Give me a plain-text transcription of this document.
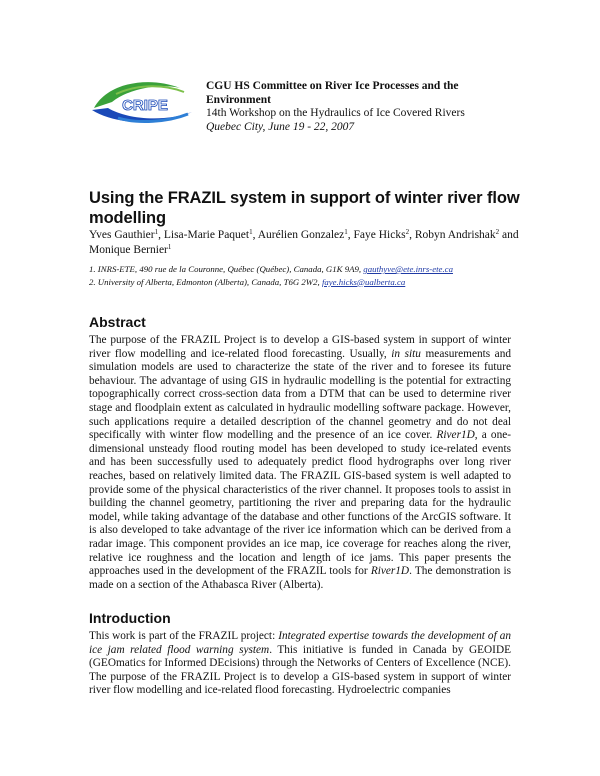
CRIPE
CGU HS Committee on River Ice Processes and the Environment
14th Workshop on the Hydraulics of Ice Covered Rivers
Quebec City, June 19 - 22, 2007
Using the FRAZIL system in support of winter river flow modelling
Yves Gauthier$^1$, Lisa-Marie Paquet$^1$, Aurélien Gonzalez$^1$, Faye Hicks$^2$, Robyn Andrishak$^2$ and Monique Bernier$^1$
1. INRS-ETE, 490 rue de la Couronne, Québec (Québec), Canada, G1K 9A9, gauthyve@ete.inrs-ete.ca
2. University of Alberta, Edmonton (Alberta), Canada, T6G 2W2, faye.hicks@ualberta.ca
Abstract
The purpose of the FRAZIL Project is to develop a GIS-based system in support of winter river flow modelling and ice-related flood forecasting. Usually, in situ measurements and simulation models are used to characterize the state of the river and to foresee its future behaviour. The advantage of using GIS in hydraulic modelling is the potential for extracting topographically correct cross-section data from a DTM that can be used to determine river stage and floodplain extent as calculated in hydraulic modelling software package. However, such applications require a detailed description of the channel geometry and do not deal specifically with winter flow modelling and the presence of an ice cover. River1D, a one-dimensional unsteady flood routing model has been developed to study ice-related events and has been successfully used to adequately predict flood hydrographs over long river reaches, based on relatively limited data. The FRAZIL GIS-based system is well adapted to provide some of the physical characteristics of the river channel. It proposes tools to assist in building the channel geometry, partitioning the river and preparing data for the hydraulic model, while taking advantage of the database and other functions of the ArcGIS software. It is also developed to take advantage of the river ice information which can be derived from a radar image. This component provides an ice map, ice coverage for reaches along the river, relative ice roughness and the location and length of ice jams. This paper presents the approaches used in the development of the FRAZIL tools for River1D. The demonstration is made on a section of the Athabasca River (Alberta).
Introduction
This work is part of the FRAZIL project: Integrated expertise towards the development of an ice jam related flood warning system. This initiative is funded in Canada by GEOIDE (GEOmatics for Informed DEcisions) through the Networks of Centers of Excellence (NCE). The purpose of the FRAZIL Project is to develop a GIS-based system in support of winter river flow modelling and ice-related flood forecasting. Hydroelectric companies
